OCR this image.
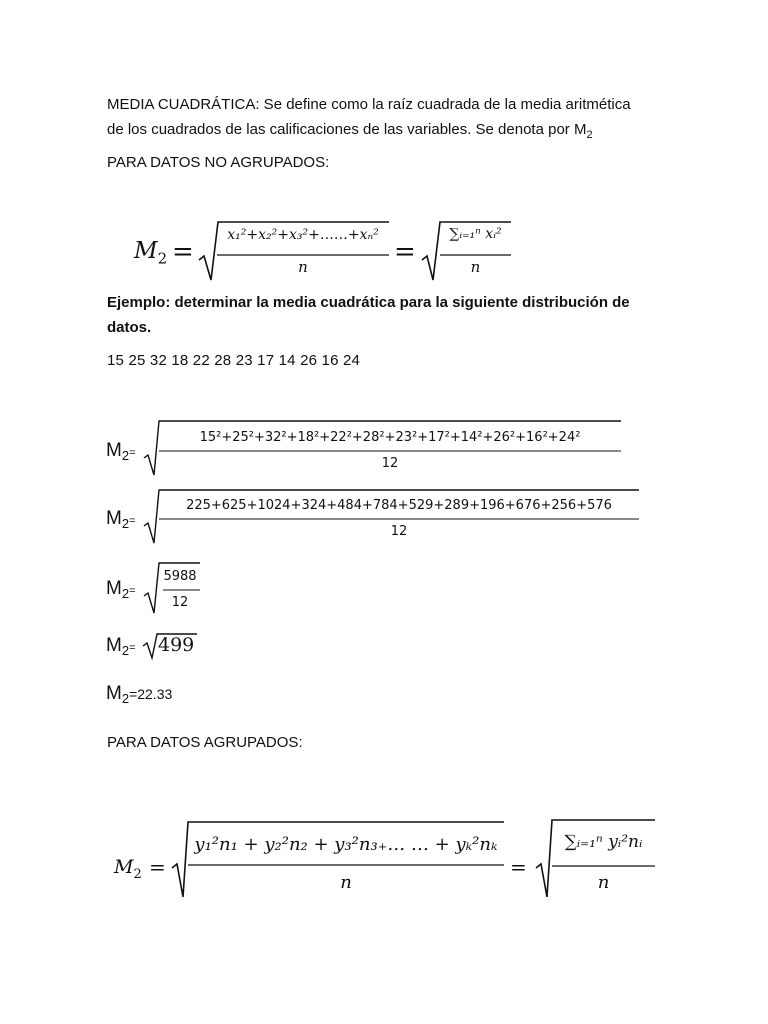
MEDIA CUADRÁTICA: Se define como la raíz cuadrada de la media aritmética
de los cuadrados de las calificaciones de las variables. Se denota por $M_2$
PARA DATOS NO AGRUPADOS:
$M_2$ =
x₁²+x₂²+x₃²+……+xₙ²
n	=
∑ᵢ₌₁ⁿ xᵢ²
n
Ejemplo: determinar la media cuadrática para la siguiente distribución de
datos.
15 25 32 18 22 28 23 17 14 26 16 24
$M_2=$
15²+25²+32²+18²+22²+28²+23²+17²+14²+26²+16²+24²
12
$M_2=$
225+625+1024+324+484+784+529+289+196+676+256+576
12
$M_2=$
5988
12
$M_2= 499$
$M_2=22.33$
PARA DATOS AGRUPADOS:
$M_2$ =
y₁²n₁ + y₂²n₂ + y₃²n₃₊… … + yₖ²nₖ
n
=
∑ᵢ₌₁ⁿ yᵢ²nᵢ
n
